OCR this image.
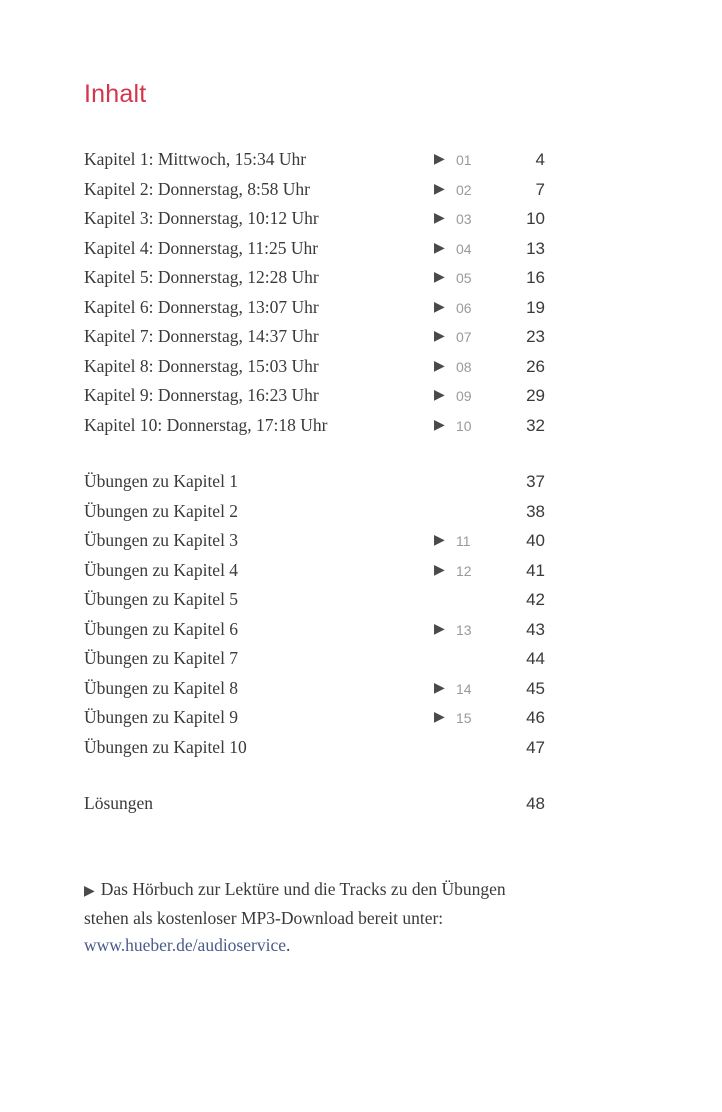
Inhalt
Kapitel 1: Mittwoch, 15:34 Uhr	▶ 01	4
Kapitel 2: Donnerstag, 8:58 Uhr	▶ 02	7
Kapitel 3: Donnerstag, 10:12 Uhr	▶ 03	10
Kapitel 4: Donnerstag, 11:25 Uhr	▶ 04	13
Kapitel 5: Donnerstag, 12:28 Uhr	▶ 05	16
Kapitel 6: Donnerstag, 13:07 Uhr	▶ 06	19
Kapitel 7: Donnerstag, 14:37 Uhr	▶ 07	23
Kapitel 8: Donnerstag, 15:03 Uhr	▶ 08	26
Kapitel 9: Donnerstag, 16:23 Uhr	▶ 09	29
Kapitel 10: Donnerstag, 17:18 Uhr	▶ 10	32
Übungen zu Kapitel 1	37
Übungen zu Kapitel 2	38
Übungen zu Kapitel 3	▶ 11	40
Übungen zu Kapitel 4	▶ 12	41
Übungen zu Kapitel 5	42
Übungen zu Kapitel 6	▶ 13	43
Übungen zu Kapitel 7	44
Übungen zu Kapitel 8	▶ 14	45
Übungen zu Kapitel 9	▶ 15	46
Übungen zu Kapitel 10	47
Lösungen	48
▶ Das Hörbuch zur Lektüre und die Tracks zu den Übungen
stehen als kostenloser MP3-Download bereit unter:
www.hueber.de/audioservice.
